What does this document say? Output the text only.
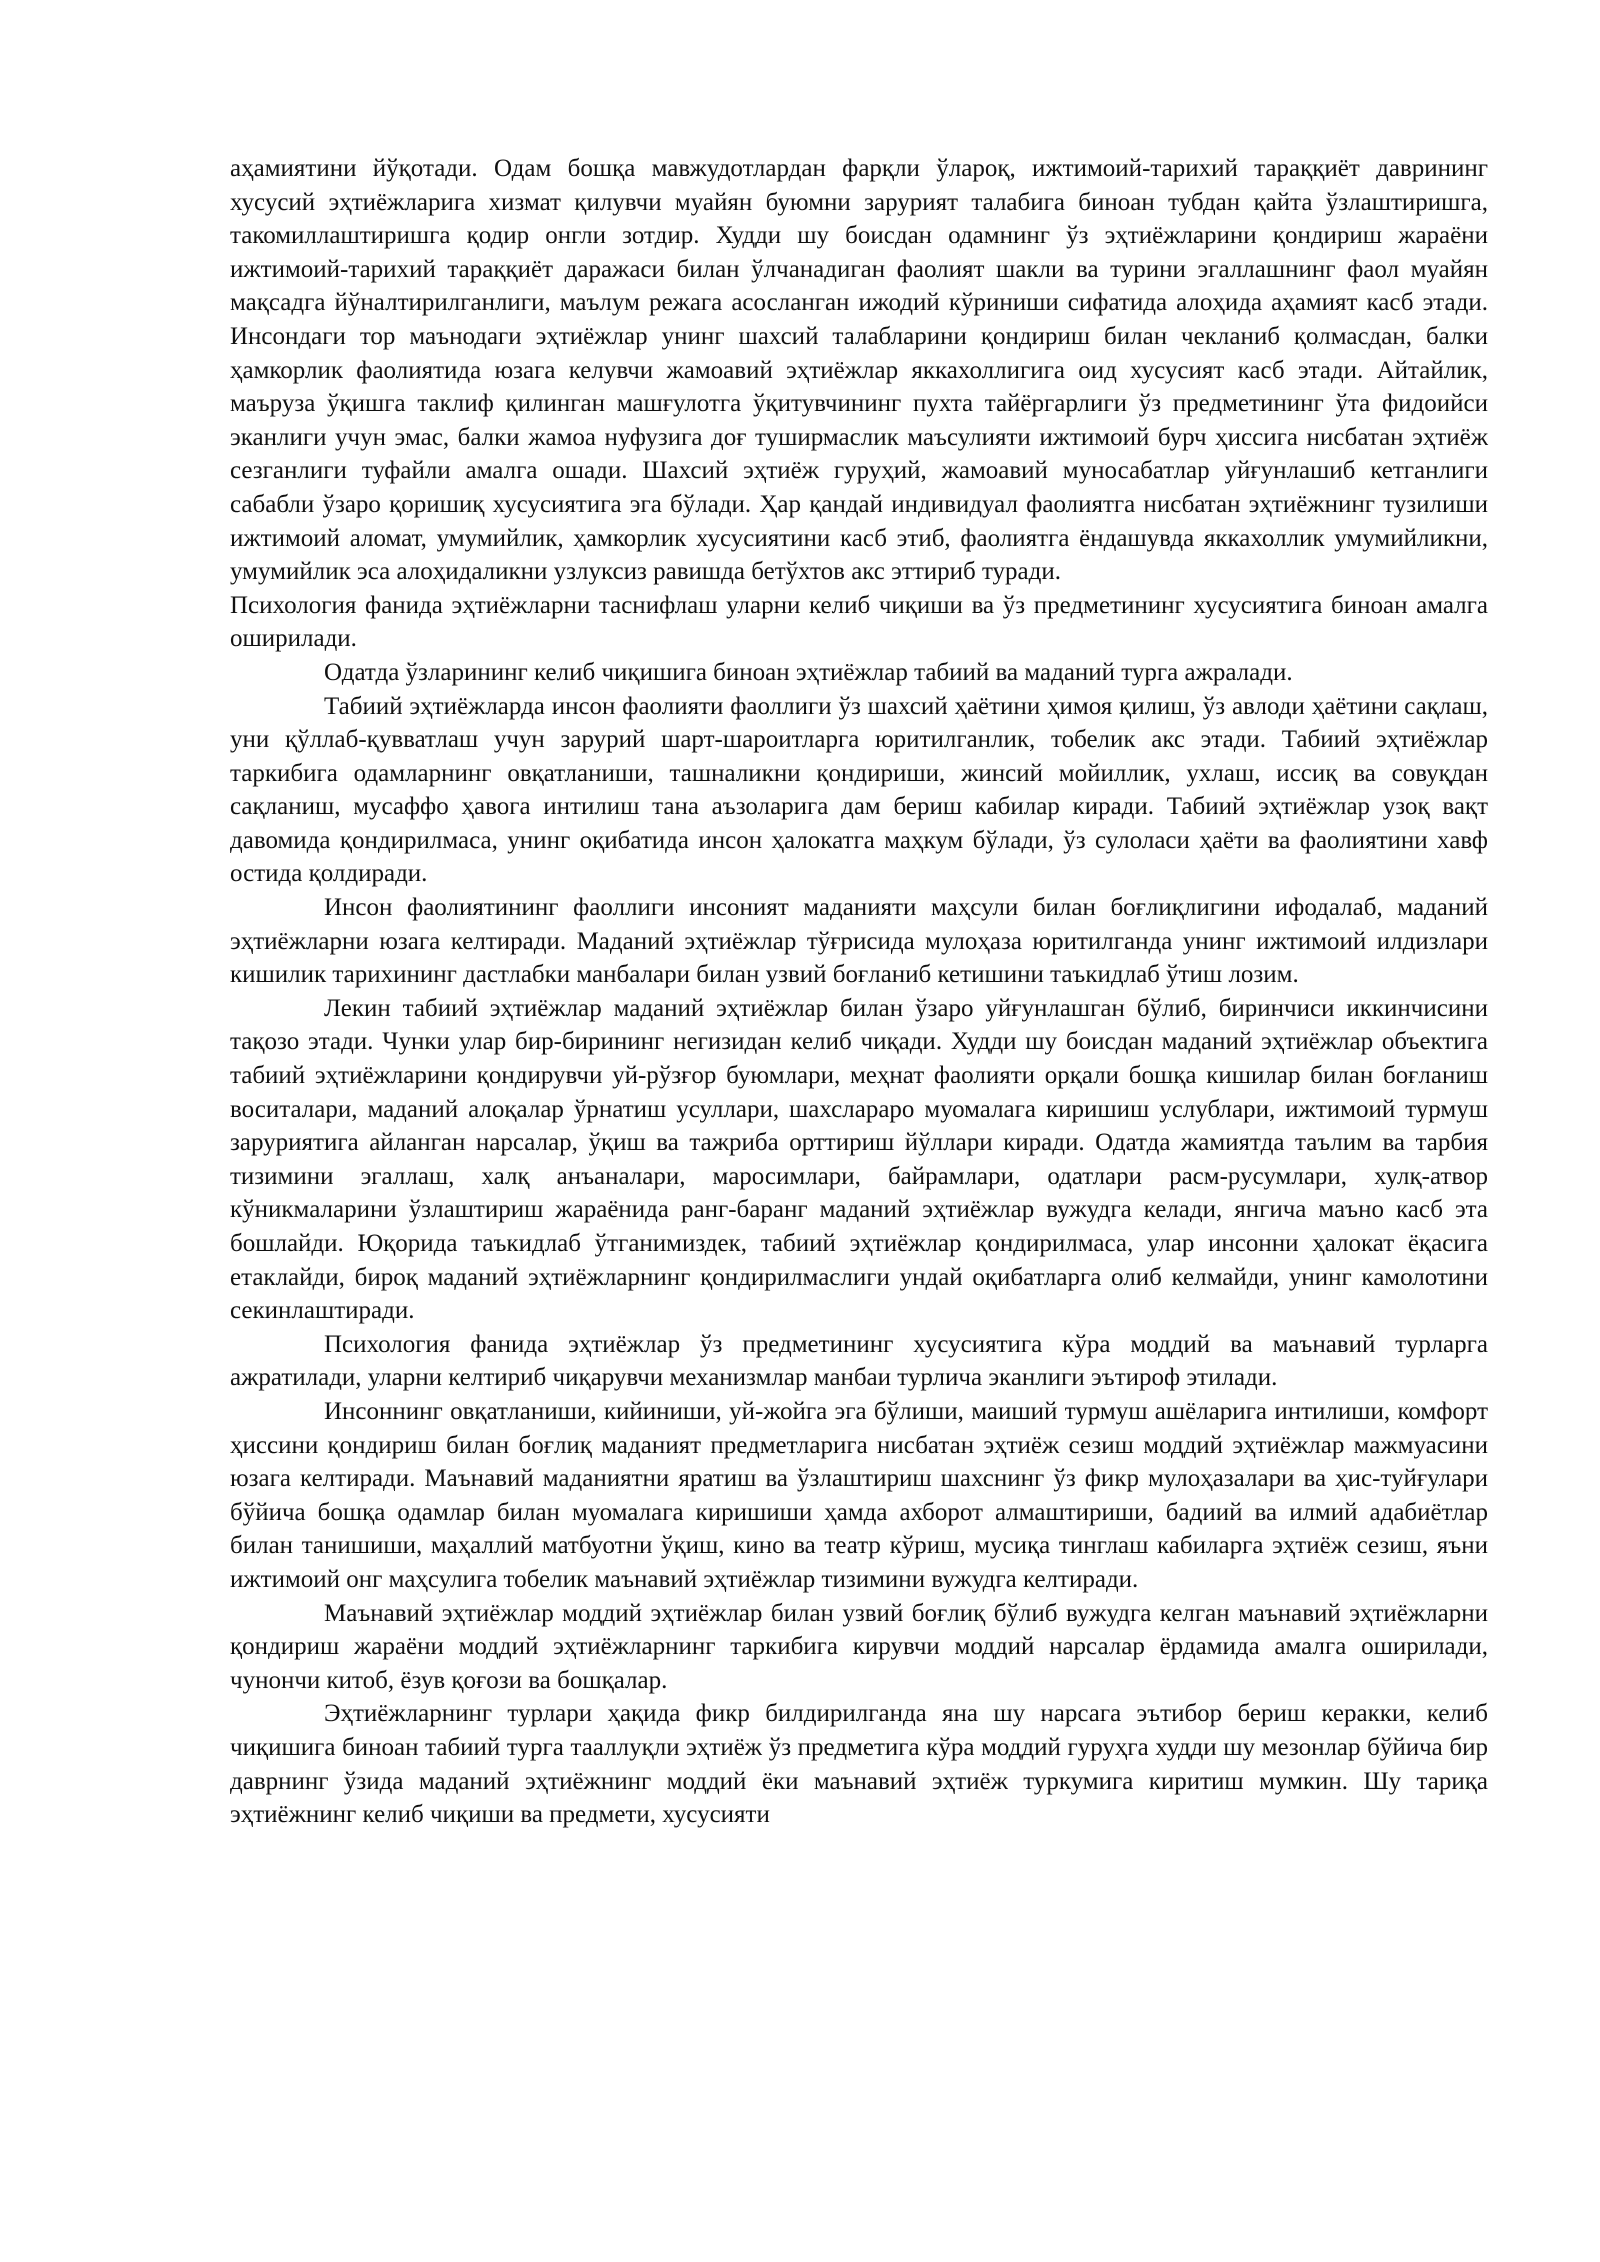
аҳамиятини йўқотади. Одам бошқа мавжудотлардан фарқли ўлароқ, ижтимоий-тарихий тараққиёт даврининг хусусий эҳтиёжларига хизмат қилувчи муайян буюмни зарурият талабига биноан тубдан қайта ўзлаштиришга, такомиллаштиришга қодир онгли зотдир. Худди шу боисдан одамнинг ўз эҳтиёжларини қондириш жараёни ижтимоий-тарихий тараққиёт даражаси билан ўлчанадиган фаолият шакли ва турини эгаллашнинг фаол муайян мақсадга йўналтирилганлиги, маълум режага асосланган ижодий кўриниши сифатида алоҳида аҳамият касб этади. Инсондаги тор маънодаги эҳтиёжлар унинг шахсий талабларини қондириш билан чекланиб қолмасдан, балки ҳамкорлик фаолиятида юзага келувчи жамоавий эҳтиёжлар яккахоллигига оид хусусият касб этади. Айтайлик, маъруза ўқишга таклиф қилинган машғулотга ўқитувчининг пухта тайёргарлиги ўз предметининг ўта фидоийси эканлиги учун эмас, балки жамоа нуфузига доғ туширмаслик маъсулияти ижтимоий бурч ҳиссига нисбатан эҳтиёж сезганлиги туфайли амалга ошади. Шахсий эҳтиёж гуруҳий, жамоавий муносабатлар уйғунлашиб кетганлиги сабабли ўзаро қоришиқ хусусиятига эга бўлади. Ҳар қандай индивидуал фаолиятга нисбатан эҳтиёжнинг тузилиши ижтимоий аломат, умумийлик, ҳамкорлик хусусиятини касб этиб, фаолиятга ёндашувда яккахоллик умумийликни, умумийлик эса алоҳидаликни узлуксиз равишда бетўхтов акс эттириб туради.

Психология фанида эҳтиёжларни таснифлаш уларни келиб чиқиши ва ўз предметининг хусусиятига биноан амалга оширилади.

Одатда ўзларининг келиб чиқишига биноан эҳтиёжлар табиий ва маданий турга ажралади.

Табиий эҳтиёжларда инсон фаолияти фаоллиги ўз шахсий ҳаётини ҳимоя қилиш, ўз авлоди ҳаётини сақлаш, уни қўллаб-қувватлаш учун зарурий шарт-шароитларга юритилганлик, тобелик акс этади. Табиий эҳтиёжлар таркибига одамларнинг овқатланиши, ташналикни қондириши, жинсий мойиллик, ухлаш, иссиқ ва совуқдан сақланиш, мусаффо ҳавога интилиш тана аъзоларига дам бериш кабилар киради. Табиий эҳтиёжлар узоқ вақт давомида қондирилмаса, унинг оқибатида инсон ҳалокатга маҳкум бўлади, ўз сулоласи ҳаёти ва фаолиятини хавф остида қолдиради.

Инсон фаолиятининг фаоллиги инсоният маданияти маҳсули билан боғлиқлигини ифодалаб, маданий эҳтиёжларни юзага келтиради. Маданий эҳтиёжлар тўғрисида мулоҳаза юритилганда унинг ижтимоий илдизлари кишилик тарихининг дастлабки манбалари билан узвий боғланиб кетишини таъкидлаб ўтиш лозим.

Лекин табиий эҳтиёжлар маданий эҳтиёжлар билан ўзаро уйғунлашган бўлиб, биринчиси иккинчисини тақозо этади. Чунки улар бир-бирининг негизидан келиб чиқади. Худди шу боисдан маданий эҳтиёжлар объектига табиий эҳтиёжларини қондирувчи уй-рўзғор буюмлари, меҳнат фаолияти орқали бошқа кишилар билан боғланиш воситалари, маданий алоқалар ўрнатиш усуллари, шахслараро муомалага киришиш услублари, ижтимоий турмуш заруриятига айланган нарсалар, ўқиш ва тажриба орттириш йўллари киради. Одатда жамиятда таълим ва тарбия тизимини эгаллаш, халқ анъаналари, маросимлари, байрамлари, одатлари расм-русумлари, хулқ-атвор кўникмаларини ўзлаштириш жараёнида ранг-баранг маданий эҳтиёжлар вужудга келади, янгича маъно касб эта бошлайди. Юқорида таъкидлаб ўтганимиздек, табиий эҳтиёжлар қондирилмаса, улар инсонни ҳалокат ёқасига етаклайди, бироқ маданий эҳтиёжларнинг қондирилмаслиги ундай оқибатларга олиб келмайди, унинг камолотини секинлаштиради.

Психология фанида эҳтиёжлар ўз предметининг хусусиятига кўра моддий ва маънавий турларга ажратилади, уларни келтириб чиқарувчи механизмлар манбаи турлича эканлиги эътироф этилади.

Инсоннинг овқатланиши, кийиниши, уй-жойга эга бўлиши, маиший турмуш ашёларига интилиши, комфорт ҳиссини қондириш билан боғлиқ маданият предметларига нисбатан эҳтиёж сезиш моддий эҳтиёжлар мажмуасини юзага келтиради. Маънавий маданиятни яратиш ва ўзлаштириш шахснинг ўз фикр мулоҳазалари ва ҳис-туйғулари бўйича бошқа одамлар билан муомалага киришиши ҳамда ахборот алмаштириши, бадиий ва илмий адабиётлар билан танишиши, маҳаллий матбуотни ўқиш, кино ва театр кўриш, мусиқа тинглаш кабиларга эҳтиёж сезиш, яъни ижтимоий онг маҳсулига тобелик маънавий эҳтиёжлар тизимини вужудга келтиради.

Маънавий эҳтиёжлар моддий эҳтиёжлар билан узвий боғлиқ бўлиб вужудга келган маънавий эҳтиёжларни қондириш жараёни моддий эҳтиёжларнинг таркибига кирувчи моддий нарсалар ёрдамида амалга оширилади, чунончи китоб, ёзув қоғози ва бошқалар.

Эҳтиёжларнинг турлари ҳақида фикр билдирилганда яна шу нарсага эътибор бериш керакки, келиб чиқишига биноан табиий турга тааллуқли эҳтиёж ўз предметига кўра моддий гуруҳга худди шу мезонлар бўйича бир даврнинг ўзида маданий эҳтиёжнинг моддий ёки маънавий эҳтиёж туркумига киритиш мумкин. Шу тариқа эҳтиёжнинг келиб чиқиши ва предмети, хусусияти
